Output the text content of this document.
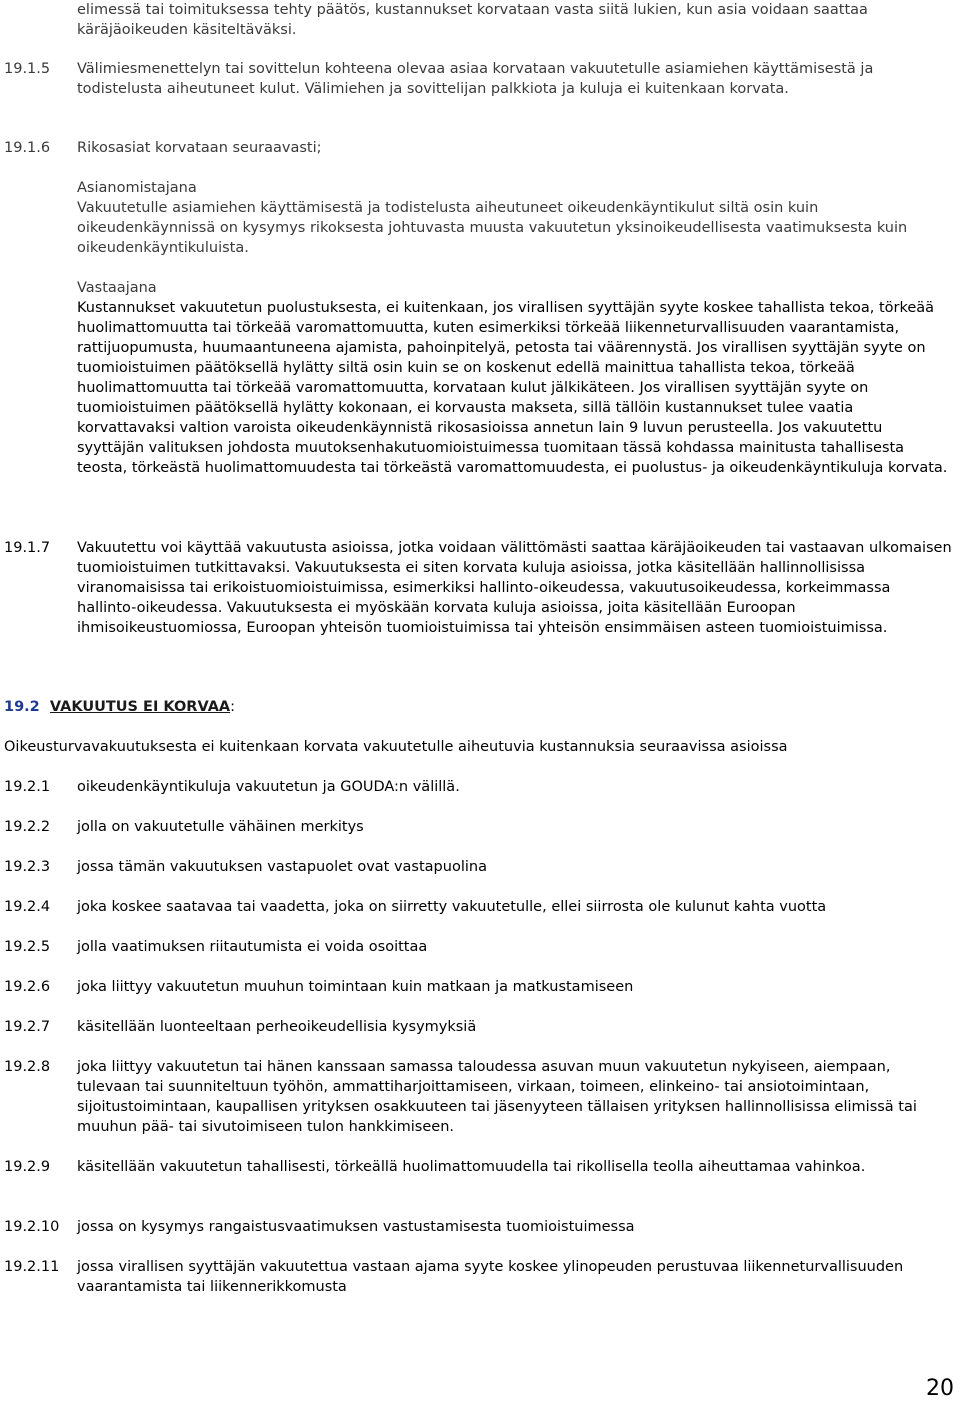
elimessä tai toimituksessa tehty päätös, kustannukset korvataan vasta siitä lukien, kun asia voidaan saattaa käräjäoikeuden käsiteltäväksi.
19.1.5 Välimiesmenettelyn tai sovittelun kohteena olevaa asiaa korvataan vakuutetulle asiamiehen käyttämisestä ja todistelusta aiheutuneet kulut. Välimiehen ja sovittelijan palkkiota ja kuluja ei kuitenkaan korvata.
19.1.6 Rikosasiat korvataan seuraavasti;

Asianomistajana

Vakuutetulle asiamiehen käyttämisestä ja todistelusta aiheutuneet oikeudenkäyntikulut siltä osin kuin oikeudenkäynnissä on kysymys rikoksesta johtuvasta muusta vakuutetun yksinoikeudellisesta vaatimuksesta kuin oikeudenkäyntikuluista.

Vastaajana

Kustannukset vakuutetun puolustuksesta, ei kuitenkaan, jos virallisen syyttäjän syyte koskee tahallista tekoa, törkeää huolimattomuutta tai törkeää varomattomuutta, kuten esimerkiksi törkeää liikenneturvallisuuden vaarantamista, rattijuopumusta, huumaantuneena ajamista, pahoinpitelyä, petosta tai väärennystä. Jos virallisen syyttäjän syyte on tuomioistuimen päätöksellä hylätty siltä osin kuin se on koskenut edellä mainittua tahallista tekoa, törkeää huolimattomuutta tai törkeää varomattomuutta, korvataan kulut jälkikäteen. Jos virallisen syyttäjän syyte on tuomioistuimen päätöksellä hylätty kokonaan, ei korvausta makseta, sillä tällöin kustannukset tulee vaatia korvattavaksi valtion varoista oikeudenkäynnistä rikosasioissa annetun lain 9 luvun perusteella. Jos vakuutettu syyttäjän valituksen johdosta muutoksenhakutuomioistuimessa tuomitaan tässä kohdassa mainitusta tahallisesta teosta, törkeästä huolimattomuudesta tai törkeästä varomattomuudesta, ei puolustus- ja oikeudenkäyntikuluja korvata.

19.1.7 Vakuutettu voi käyttää vakuutusta asioissa, jotka voidaan välittömästi saattaa käräjäoikeuden tai vastaavan ulkomaisen tuomioistuimen tutkittavaksi. Vakuutuksesta ei siten korvata kuluja asioissa, jotka käsitellään hallinnollisissa viranomaisissa tai erikoistuomioistuimissa, esimerkiksi hallinto-oikeudessa, vakuutusoikeudessa, korkeimmassa hallinto-oikeudessa. Vakuutuksesta ei myöskään korvata kuluja asioissa, joita käsitellään Euroopan ihmisoikeustuomiossa, Euroopan yhteisön tuomioistuimissa tai yhteisön ensimmäisen asteen tuomioistuimissa.
19.2 VAKUUTUS EI KORVAA:
Oikeusturvavakuutuksesta ei kuitenkaan korvata vakuutetulle aiheutuvia kustannuksia seuraavissa asioissa
19.2.1 oikeudenkäyntikuluja vakuutetun ja GOUDA:n välillä.
19.2.2 jolla on vakuutetulle vähäinen merkitys
19.2.3 jossa tämän vakuutuksen vastapuolet ovat vastapuolina
19.2.4 joka koskee saatavaa tai vaadetta, joka on siirretty vakuutetulle, ellei siirrosta ole kulunut kahta vuotta
19.2.5 jolla vaatimuksen riitautumista ei voida osoittaa
19.2.6 joka liittyy vakuutetun muuhun toimintaan kuin matkaan ja matkustamiseen
19.2.7 käsitellään luonteeltaan perheoikeudellisia kysymyksiä
19.2.8 joka liittyy vakuutetun tai hänen kanssaan samassa taloudessa asuvan muun vakuutetun nykyiseen, aiempaan, tulevaan tai suunniteltuun työhön, ammattiharjoittamiseen, virkaan, toimeen, elinkeino- tai ansiotoimintaan, sijoitustoimintaan, kaupallisen yrityksen osakkuuteen tai jäsenyyteen tällaisen yrityksen hallinnollisissa elimissä tai muuhun pää- tai sivutoimiseen tulon hankkimiseen.
19.2.9 käsitellään vakuutetun tahallisesti, törkeällä huolimattomuudella tai rikollisella teolla aiheuttamaa vahinkoa.
19.2.10 jossa on kysymys rangaistusvaatimuksen vastustamisesta tuomioistuimessa
19.2.11 jossa virallisen syyttäjän vakuutettua vastaan ajama syyte koskee ylinopeuden perustuvaa liikenneturvallisuuden vaarantamista tai liikennerikkomusta
20
